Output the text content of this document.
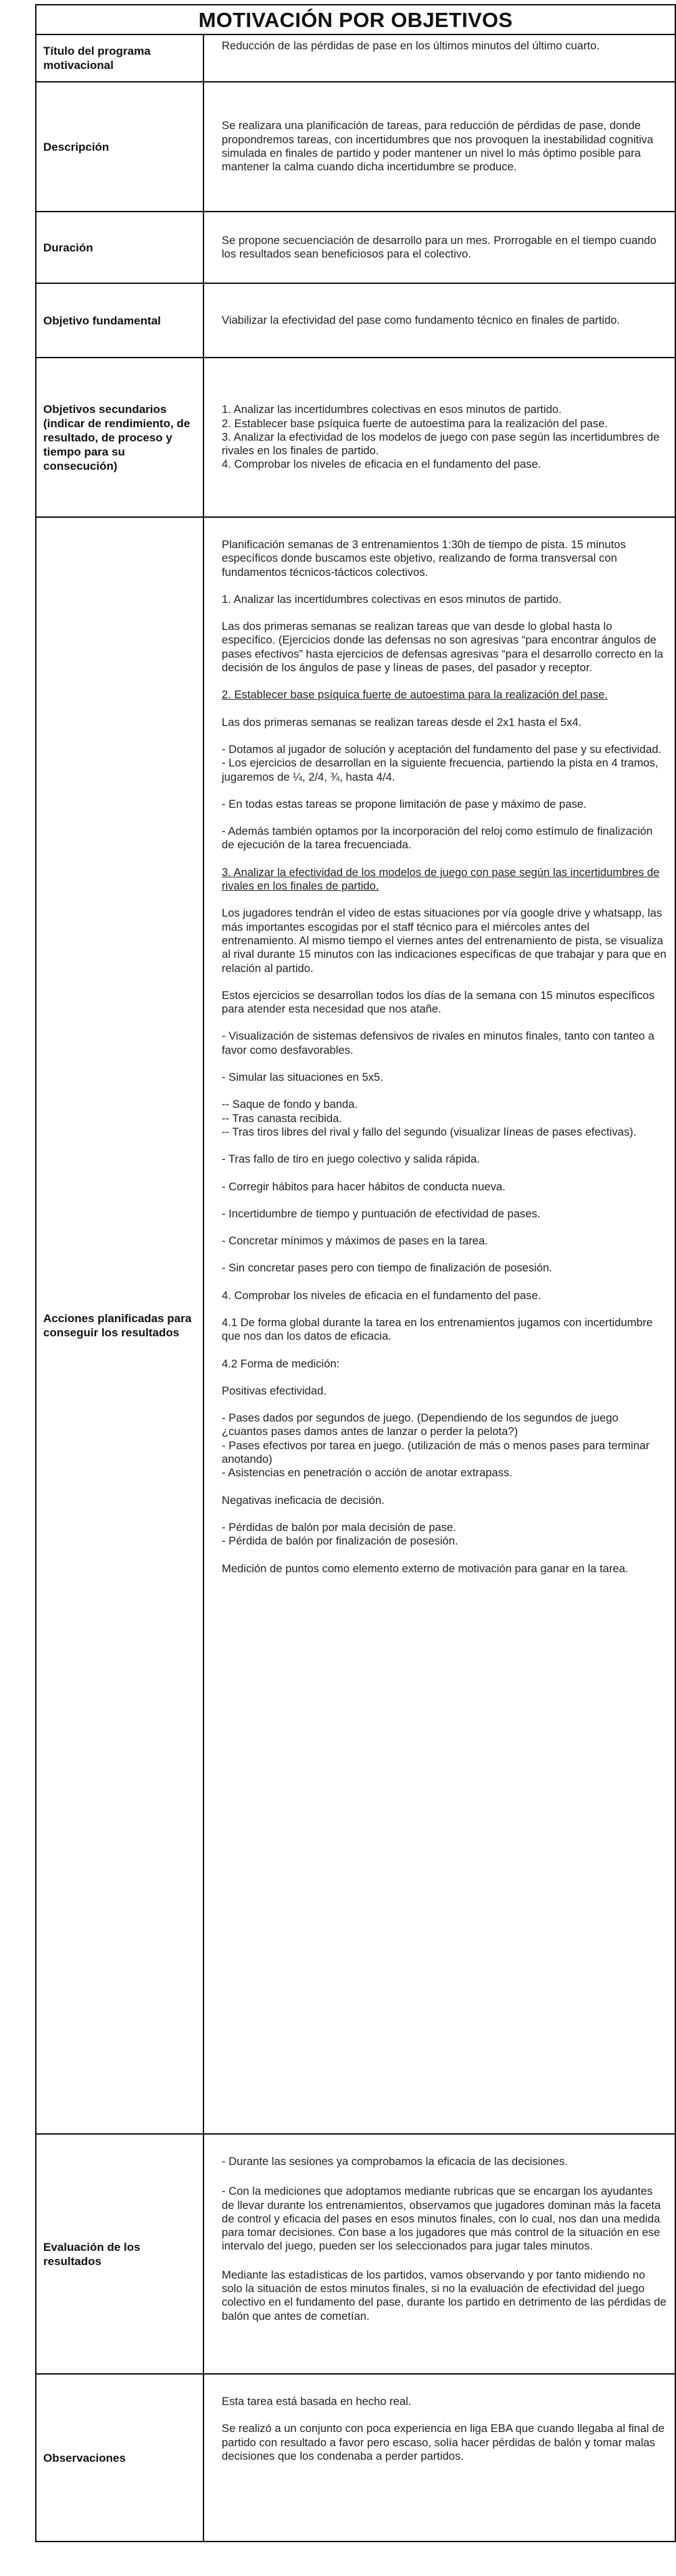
MOTIVACIÓN POR OBJETIVOS
Título del programa motivacional

Reducción de las pérdidas de pase en los últimos minutos del último cuarto.

Descripción

Se realizara una planificación de tareas, para reducción de pérdidas de pase, donde propondremos tareas, con incertidumbres que nos provoquen la inestabilidad cognitiva simulada en finales de partido y poder mantener un nivel lo más óptimo posible para mantener la calma cuando dicha incertidumbre se produce.

Duración

Se propone secuenciación de desarrollo para un mes. Prorrogable en el tiempo cuando los resultados sean beneficiosos para el colectivo.

Objetivo fundamental	Viabilizar la efectividad del pase como fundamento técnico en finales de partido.

Objetivos secundarios (indicar de rendimiento, de resultado, de proceso y tiempo para su consecución)

1. Analizar las incertidumbres colectivas en esos minutos de partido.
2. Establecer base psíquica fuerte de autoestima para la realización del pase.
3. Analizar la efectividad de los modelos de juego con pase según las incertidumbres de rivales en los finales de partido.
4. Comprobar los niveles de eficacia en el fundamento del pase.

Acciones planificadas para conseguir los resultados

Planificación semanas de 3 entrenamientos 1:30h de tiempo de pista. 15 minutos específicos donde buscamos este objetivo, realizando de forma transversal con fundamentos técnicos-tácticos colectivos.

1. Analizar las incertidumbres colectivas en esos minutos de partido.

Las dos primeras semanas se realizan tareas que van desde lo global hasta lo específico. (Ejercicios donde las defensas no son agresivas “para encontrar ángulos de pases efectivos” hasta ejercicios de defensas agresivas “para el desarrollo correcto en la decisión de los ángulos de pase y líneas de pases, del pasador y receptor.

2. Establecer base psíquica fuerte de autoestima para la realización del pase.

Las dos primeras semanas se realizan tareas desde el 2x1 hasta el 5x4.

- Dotamos al jugador de solución y aceptación del fundamento del pase y su efectividad.
- Los ejercicios de desarrollan en la siguiente frecuencia, partiendo la pista en 4 tramos, jugaremos de ¼, 2/4, ¾, hasta 4/4.

- En todas estas tareas se propone limitación de pase y máximo de pase.

- Además también optamos por la incorporación del reloj como estímulo de finalización de ejecución de la tarea frecuenciada.

3. Analizar la efectividad de los modelos de juego con pase según las incertidumbres de rivales en los finales de partido.

Los jugadores tendrán el video de estas situaciones por vía google drive y whatsapp, las más importantes escogidas por el staff técnico para el miércoles antes del entrenamiento. Al mismo tiempo el viernes antes del entrenamiento de pista, se visualiza al rival durante 15 minutos con las indicaciones específicas de que trabajar y para que en relación al partido.

Estos ejercicios se desarrollan todos los días de la semana con 15 minutos específicos para atender esta necesidad que nos atañe.

- Visualización de sistemas defensivos de rivales en minutos finales, tanto con tanteo a favor como desfavorables.

- Simular las situaciones en 5x5.

-- Saque de fondo y banda.
-- Tras canasta recibida.
-- Tras tiros libres del rival y fallo del segundo (visualizar líneas de pases efectivas).

- Tras fallo de tiro en juego colectivo y salida rápida.

- Corregir hábitos para hacer hábitos de conducta nueva.

- Incertidumbre de tiempo y puntuación de efectividad de pases.

- Concretar mínimos y máximos de pases en la tarea.

- Sin concretar pases pero con tiempo de finalización de posesión.

4. Comprobar los niveles de eficacia en el fundamento del pase.

4.1 De forma global durante la tarea en los entrenamientos jugamos con incertidumbre que nos dan los datos de eficacia.

4.2 Forma de medición:

Positivas efectividad.

- Pases dados por segundos de juego. (Dependiendo de los segundos de juego ¿cuantos pases damos antes de lanzar o perder la pelota?)
- Pases efectivos por tarea en juego. (utilización de más o menos pases para terminar anotando)
- Asistencias en penetración o acción de anotar extrapass.

Negativas ineficacia de decisión.

- Pérdidas de balón por mala decisión de pase.
- Pérdida de balón por finalización de posesión.

Medición de puntos como elemento externo de motivación para ganar en la tarea.

Evaluación de los resultados

- Durante las sesiones ya comprobamos la eficacia de las decisiones.

- Con la mediciones que adoptamos mediante rubricas que se encargan los ayudantes de llevar durante los entrenamientos, observamos que jugadores dominan más la faceta de control y eficacia del pases en esos minutos finales, con lo cual, nos dan una medida para tomar decisiones. Con base a los jugadores que más control de la situación en ese intervalo del juego, pueden ser los seleccionados para jugar tales minutos.

Mediante las estadísticas de los partidos, vamos observando y por tanto midiendo no solo la situación de estos minutos finales, si no la evaluación de efectividad del juego colectivo en el fundamento del pase, durante los partido en detrimento de las pérdidas de balón que antes de cometían.

Observaciones

Esta tarea está basada en hecho real.

Se realizó a un conjunto con poca experiencia en liga EBA que cuando llegaba al final de partido con resultado a favor pero escaso, solía hacer pérdidas de balón y tomar malas decisiones que los condenaba a perder partidos.
